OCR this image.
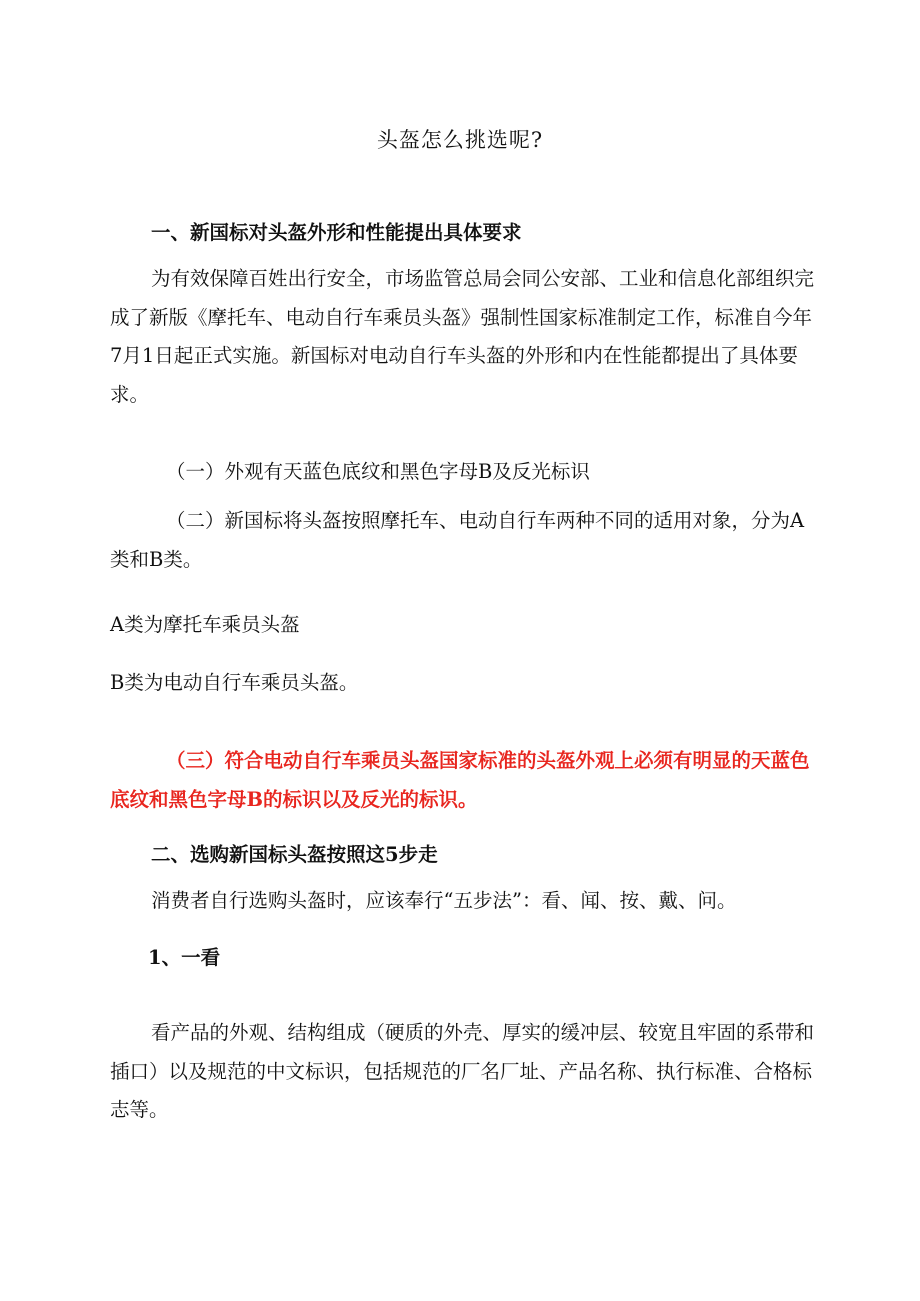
头盔怎么挑选呢?

一、新国标对头盔外形和性能提出具体要求

为有效保障百姓出行安全，市场监管总局会同公安部、工业和信息化部组织完成了新版《摩托车、电动自行车乘员头盔》强制性国家标准制定工作，标准自今年7月1日起正式实施。新国标对电动自行车头盔的外形和内在性能都提出了具体要求。

（一）外观有天蓝色底纹和黑色字母B及反光标识

（二）新国标将头盔按照摩托车、电动自行车两种不同的适用对象，分为A类和B类。

A类为摩托车乘员头盔

B类为电动自行车乘员头盔。

（三）符合电动自行车乘员头盔国家标准的头盔外观上必须有明显的天蓝色底纹和黑色字母B的标识以及反光的标识。

二、选购新国标头盔按照这5步走

消费者自行选购头盔时，应该奉行“五步法”：看、闻、按、戴、问。

1、一看

看产品的外观、结构组成（硬质的外壳、厚实的缓冲层、较宽且牢固的系带和插口）以及规范的中文标识，包括规范的厂名厂址、产品名称、执行标准、合格标志等。
